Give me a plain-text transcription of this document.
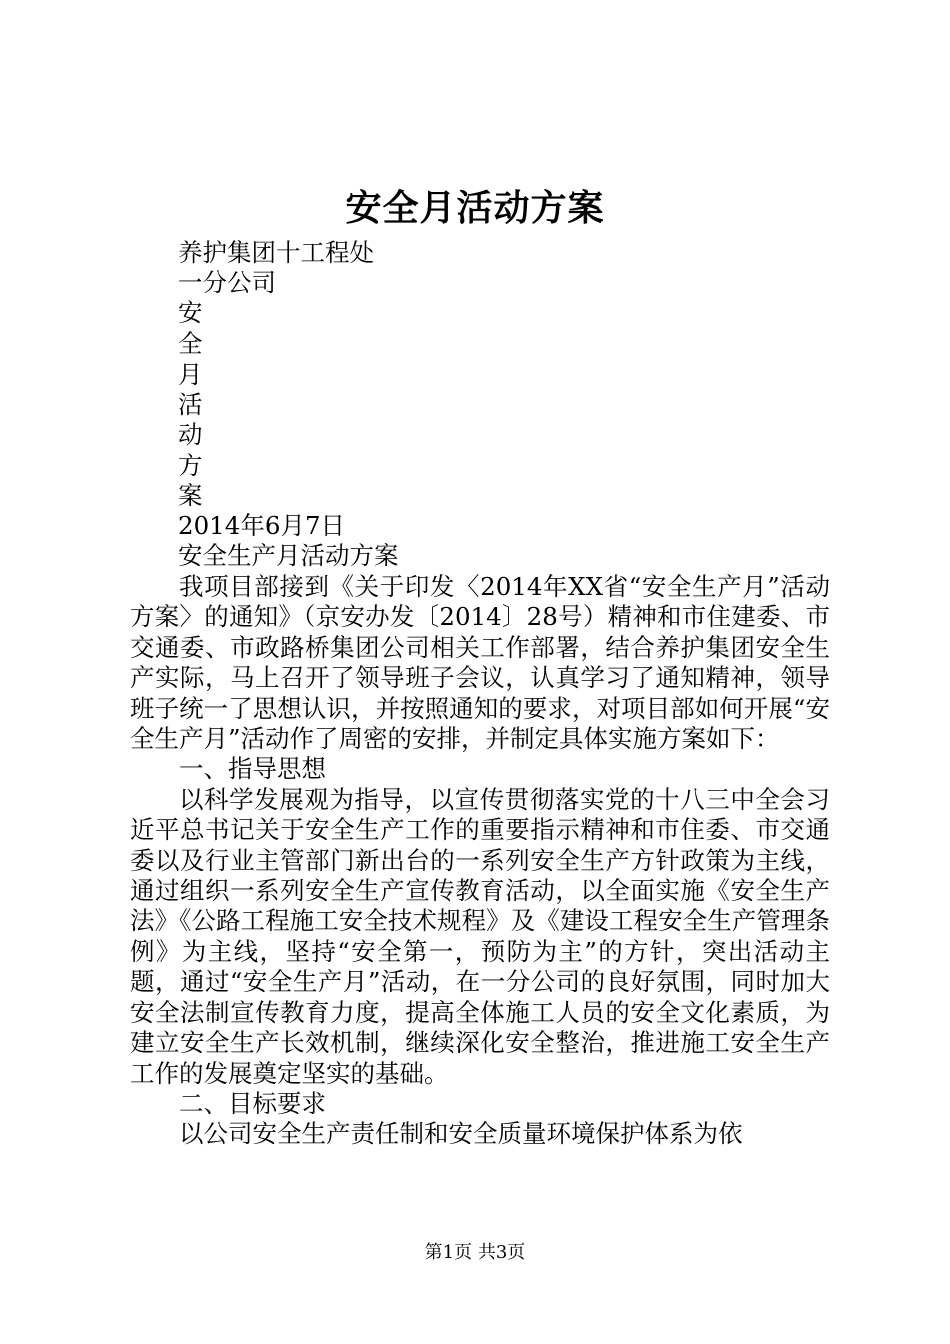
安全月活动方案
养护集团十工程处
一分公司
安
全
月
活
动
方
案
2014年6月7日
安全生产月活动方案

我项目部接到《关于印发〈2014年XX省“安全生产月”活动方案〉的通知》（京安办发〔2014〕28号）精神和市住建委、市交通委、市政路桥集团公司相关工作部署，结合养护集团安全生产实际，马上召开了领导班子会议，认真学习了通知精神，领导班子统一了思想认识，并按照通知的要求，对项目部如何开展“安全生产月”活动作了周密的安排，并制定具体实施方案如下：

一、指导思想

以科学发展观为指导，以宣传贯彻落实党的十八三中全会习近平总书记关于安全生产工作的重要指示精神和市住委、市交通委以及行业主管部门新出台的一系列安全生产方针政策为主线，通过组织一系列安全生产宣传教育活动，以全面实施《安全生产法》《公路工程施工安全技术规程》及《建设工程安全生产管理条例》为主线，坚持“安全第一，预防为主”的方针，突出活动主题，通过“安全生产月”活动，在一分公司的良好氛围，同时加大安全法制宣传教育力度，提高全体施工人员的安全文化素质，为建立安全生产长效机制，继续深化安全整治，推进施工安全生产工作的发展奠定坚实的基础。

二、目标要求

以公司安全生产责任制和安全质量环境保护体系为依

第1页 共3页
